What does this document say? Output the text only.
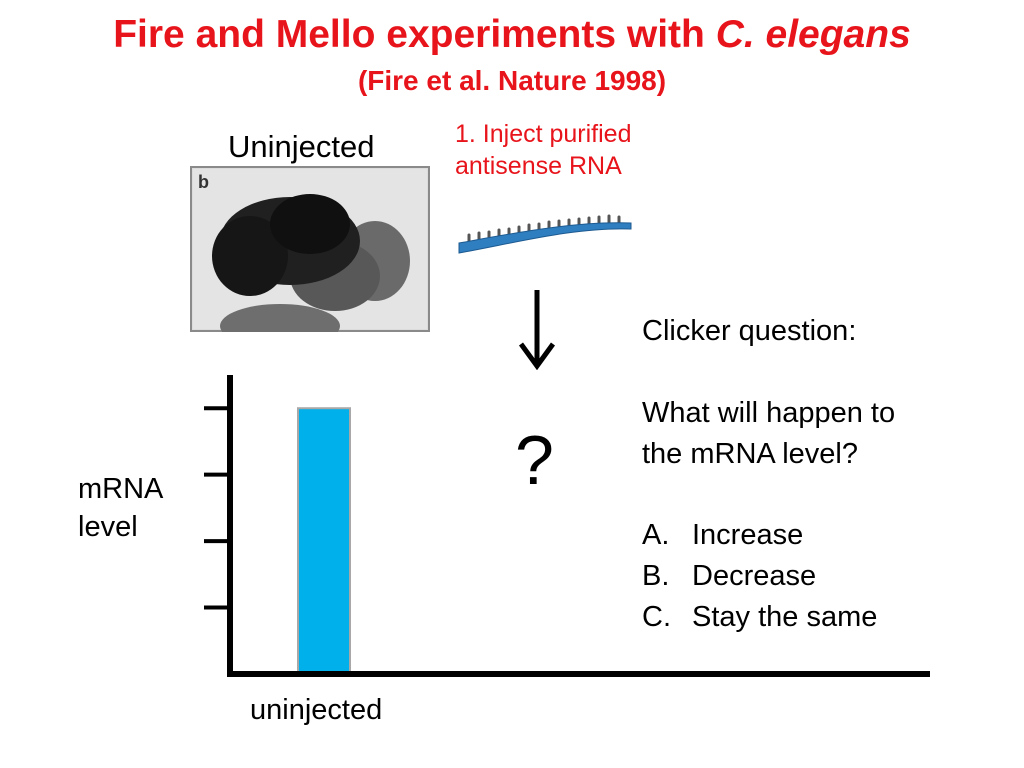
Fire and Mello experiments with C. elegans
(Fire et al. Nature 1998)
Uninjected
b
1. Inject purified
antisense RNA
?
Clicker question:
What will happen to
the mRNA level?
A. Increase
B. Decrease
C. Stay the same
mRNA
level
uninjected
